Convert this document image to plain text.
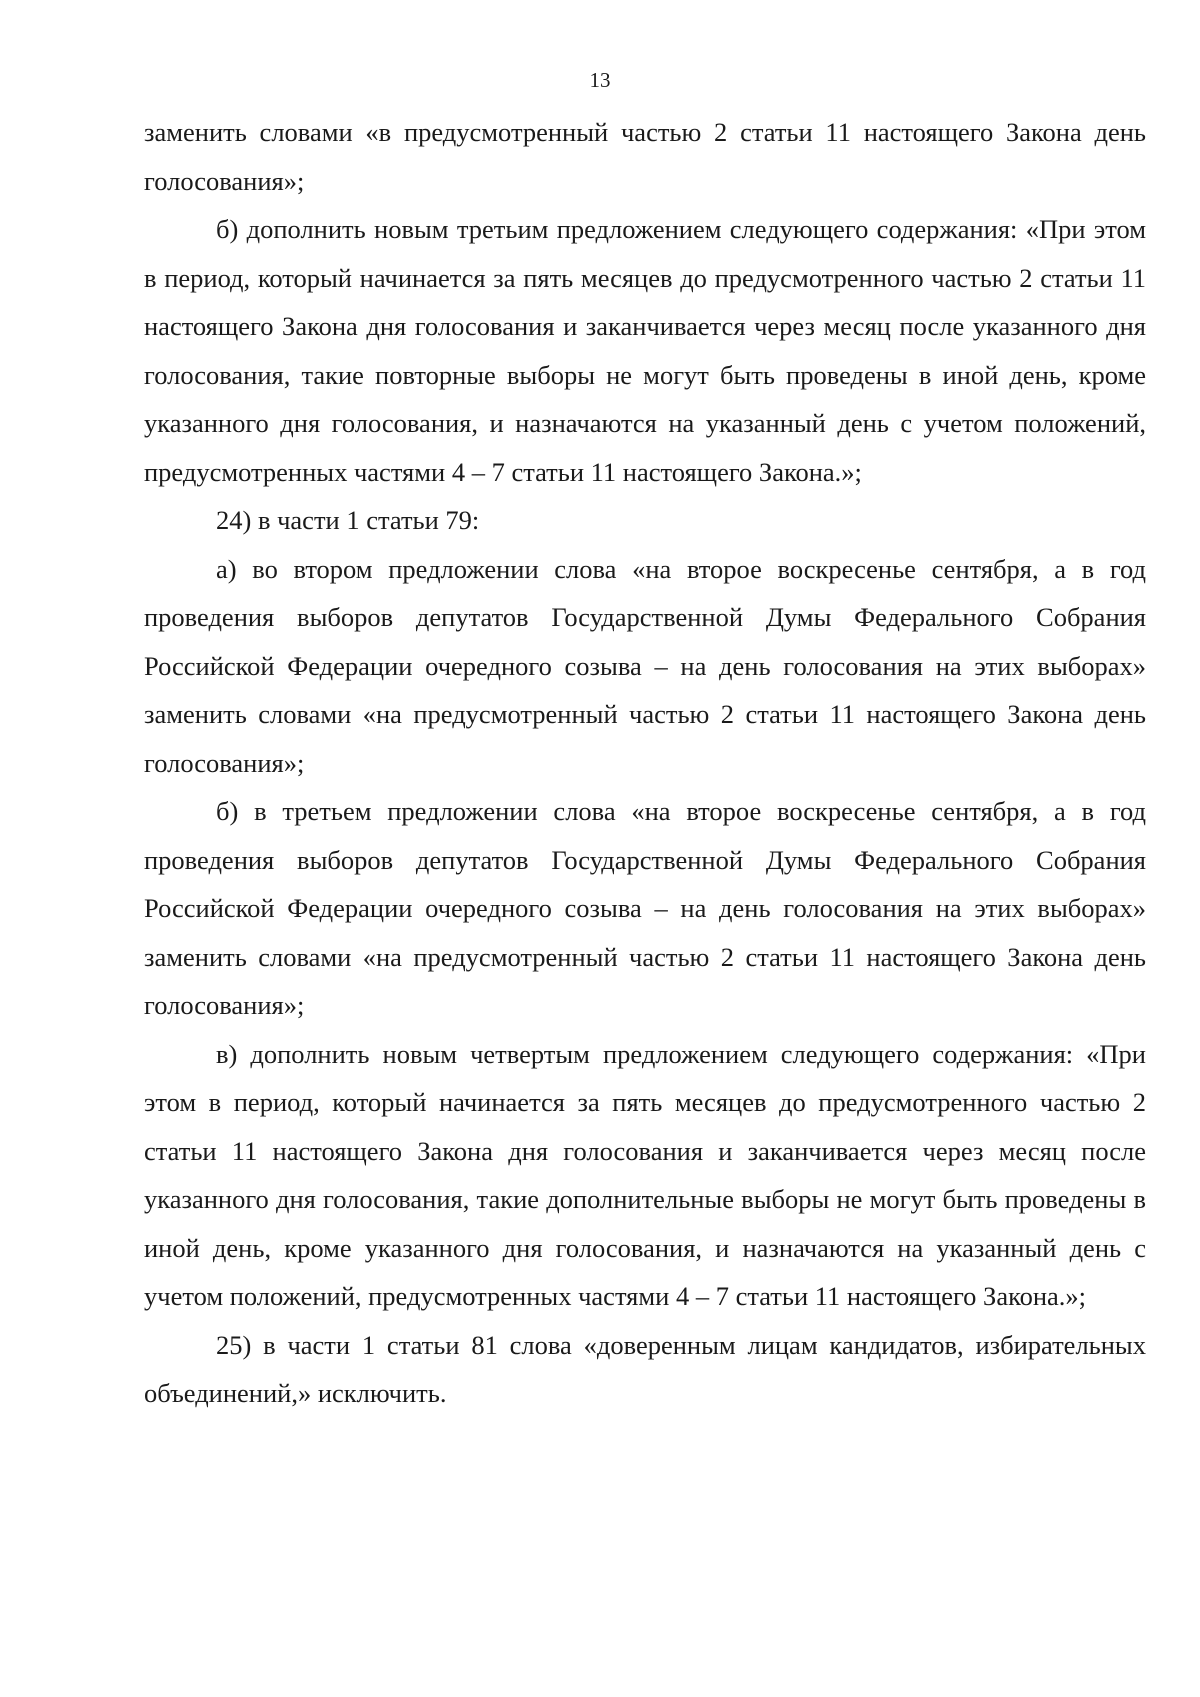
13

заменить словами «в предусмотренный частью 2 статьи 11 настоящего Закона день голосования»;

б) дополнить новым третьим предложением следующего содержания: «При этом в период, который начинается за пять месяцев до предусмотренного частью 2 статьи 11 настоящего Закона дня голосования и заканчивается через месяц после указанного дня голосования, такие повторные выборы не могут быть проведены в иной день, кроме указанного дня голосования, и назначаются на указанный день с учетом положений, предусмотренных частями 4 – 7 статьи 11 настоящего Закона.»;

24) в части 1 статьи 79:

а) во втором предложении слова «на второе воскресенье сентября, а в год проведения выборов депутатов Государственной Думы Федерального Собрания Российской Федерации очередного созыва – на день голосования на этих выборах» заменить словами «на предусмотренный частью 2 статьи 11 настоящего Закона день голосования»;

б) в третьем предложении слова «на второе воскресенье сентября, а в год проведения выборов депутатов Государственной Думы Федерального Собрания Российской Федерации очередного созыва – на день голосования на этих выборах» заменить словами «на предусмотренный частью 2 статьи 11 настоящего Закона день голосования»;

в) дополнить новым четвертым предложением следующего содержания: «При этом в период, который начинается за пять месяцев до предусмотренного частью 2 статьи 11 настоящего Закона дня голосования и заканчивается через месяц после указанного дня голосования, такие дополнительные выборы не могут быть проведены в иной день, кроме указанного дня голосования, и назначаются на указанный день с учетом положений, предусмотренных частями 4 – 7 статьи 11 настоящего Закона.»;

25) в части 1 статьи 81 слова «доверенным лицам кандидатов, избирательных объединений,» исключить.
